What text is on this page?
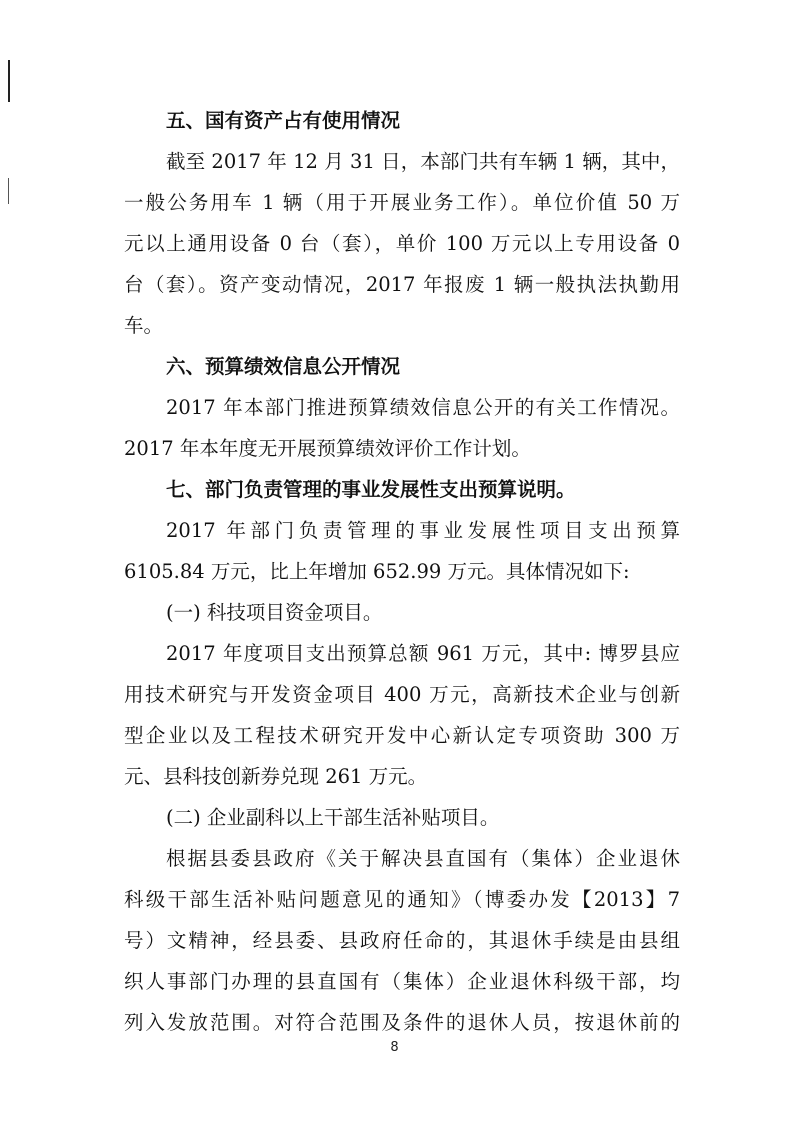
五、国有资产占有使用情况
截至 2017 年 12 月 31 日，本部门共有车辆 1 辆，其中，
一般公务用车 1 辆（用于开展业务工作）。单位价值 50 万
元以上通用设备 0 台（套），单价 100 万元以上专用设备 0
台（套）。资产变动情况，2017 年报废 1 辆一般执法执勤用
车。
六、预算绩效信息公开情况
2017 年本部门推进预算绩效信息公开的有关工作情况。
2017 年本年度无开展预算绩效评价工作计划。
七、部门负责管理的事业发展性支出预算说明。
2017 年部门负责管理的事业发展性项目支出预算
6105.84 万元，比上年增加 652.99 万元。具体情况如下:
(一) 科技项目资金项目。
2017 年度项目支出预算总额 961 万元，其中: 博罗县应
用技术研究与开发资金项目 400 万元，高新技术企业与创新
型企业以及工程技术研究开发中心新认定专项资助 300 万
元、县科技创新券兑现 261 万元。
(二) 企业副科以上干部生活补贴项目。
根据县委县政府《关于解决县直国有（集体）企业退休
科级干部生活补贴问题意见的通知》（博委办发【2013】7
号）文精神，经县委、县政府任命的，其退休手续是由县组
织人事部门办理的县直国有（集体）企业退休科级干部，均
列入发放范围。对符合范围及条件的退休人员，按退休前的
8
